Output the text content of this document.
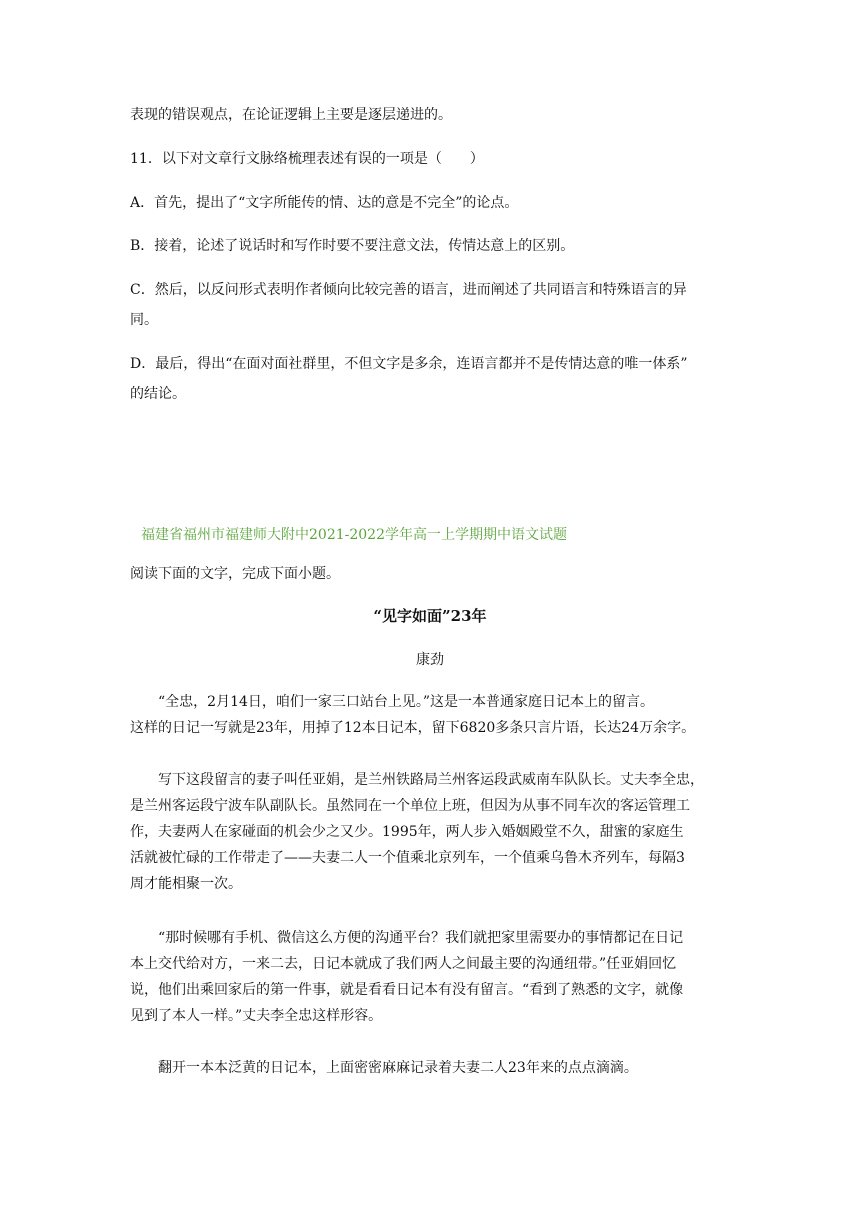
表现的错误观点，在论证逻辑上主要是逐层递进的。
11．以下对文章行文脉络梳理表述有误的一项是（　　）
A．首先，提出了“文字所能传的情、达的意是不完全”的论点。
B．接着，论述了说话时和写作时要不要注意文法，传情达意上的区别。
C．然后，以反问形式表明作者倾向比较完善的语言，进而阐述了共同语言和特殊语言的异
同。
D．最后，得出“在面对面社群里，不但文字是多余，连语言都并不是传情达意的唯一体系”
的结论。
福建省福州市福建师大附中2021-2022学年高一上学期期中语文试题
阅读下面的文字，完成下面小题。
“见字如面”23年
康劲
“全忠，2月14日，咱们一家三口站台上见。”这是一本普通家庭日记本上的留言。
这样的日记一写就是23年，用掉了12本日记本，留下6820多条只言片语，长达24万余字。
写下这段留言的妻子叫任亚娟，是兰州铁路局兰州客运段武威南车队队长。丈夫李全忠，
是兰州客运段宁波车队副队长。虽然同在一个单位上班，但因为从事不同车次的客运管理工
作，夫妻两人在家碰面的机会少之又少。1995年，两人步入婚姻殿堂不久，甜蜜的家庭生
活就被忙碌的工作带走了——夫妻二人一个值乘北京列车，一个值乘乌鲁木齐列车，每隔3
周才能相聚一次。
“那时候哪有手机、微信这么方便的沟通平台？我们就把家里需要办的事情都记在日记
本上交代给对方，一来二去，日记本就成了我们两人之间最主要的沟通纽带。”任亚娟回忆
说，他们出乘回家后的第一件事，就是看看日记本有没有留言。“看到了熟悉的文字，就像
见到了本人一样。”丈夫李全忠这样形容。
翻开一本本泛黄的日记本，上面密密麻麻记录着夫妻二人23年来的点点滴滴。
